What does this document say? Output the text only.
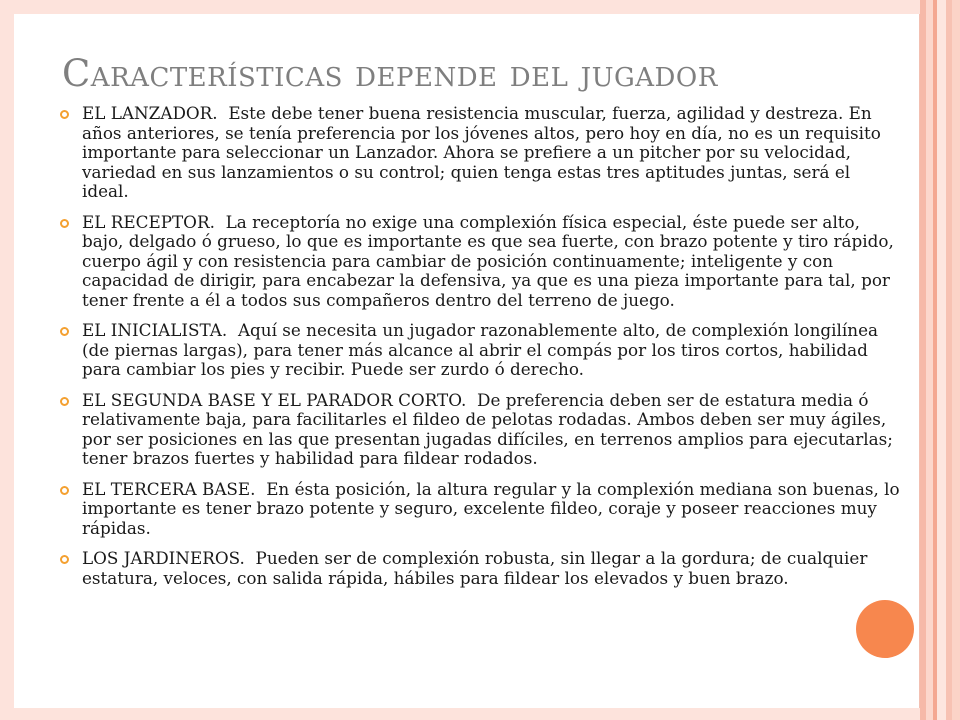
Características depende del jugador
EL LANZADOR. Este debe tener buena resistencia muscular, fuerza, agilidad y destreza. En años anteriores, se tenía preferencia por los jóvenes altos, pero hoy en día, no es un requisito importante para seleccionar un Lanzador. Ahora se prefiere a un pitcher por su velocidad, variedad en sus lanzamientos o su control; quien tenga estas tres aptitudes juntas, será el ideal.
EL RECEPTOR. La receptoría no exige una complexión física especial, éste puede ser alto, bajo, delgado ó grueso, lo que es importante es que sea fuerte, con brazo potente y tiro rápido, cuerpo ágil y con resistencia para cambiar de posición continuamente; inteligente y con capacidad de dirigir, para encabezar la defensiva, ya que es una pieza importante para tal, por tener frente a él a todos sus compañeros dentro del terreno de juego.
EL INICIALISTA. Aquí se necesita un jugador razonablemente alto, de complexión longilínea (de piernas largas), para tener más alcance al abrir el compás por los tiros cortos, habilidad para cambiar los pies y recibir. Puede ser zurdo ó derecho.
EL SEGUNDA BASE Y EL PARADOR CORTO. De preferencia deben ser de estatura media ó relativamente baja, para facilitarles el fildeo de pelotas rodadas. Ambos deben ser muy ágiles, por ser posiciones en las que presentan jugadas difíciles, en terrenos amplios para ejecutarlas; tener brazos fuertes y habilidad para fildear rodados.
EL TERCERA BASE. En ésta posición, la altura regular y la complexión mediana son buenas, lo importante es tener brazo potente y seguro, excelente fildeo, coraje y poseer reacciones muy rápidas.
LOS JARDINEROS. Pueden ser de complexión robusta, sin llegar a la gordura; de cualquier estatura, veloces, con salida rápida, hábiles para fildear los elevados y buen brazo.
